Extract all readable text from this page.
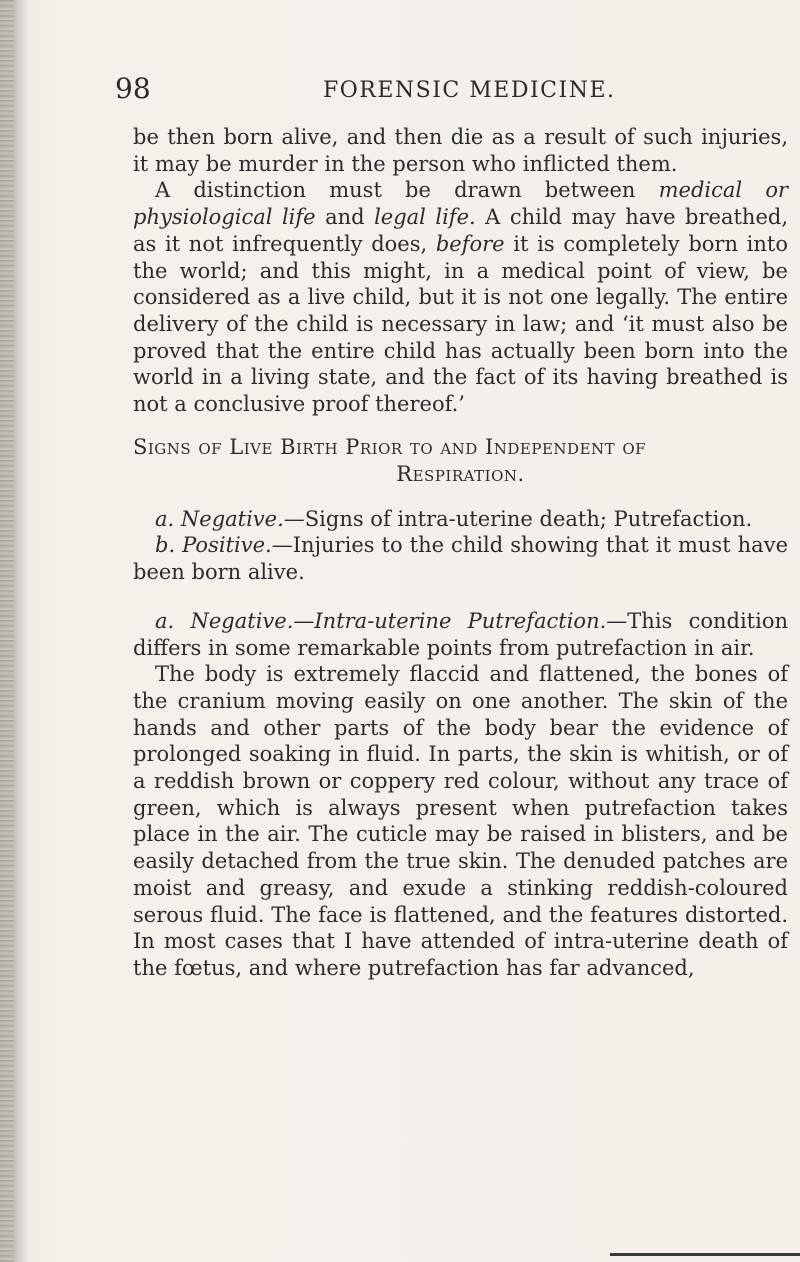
98	FORENSIC MEDICINE.

be then born alive, and then die as a result of such injuries, it may be murder in the person who inflicted them.

A distinction must be drawn between medical or physiological life and legal life. A child may have breathed, as it not infrequently does, before it is completely born into the world; and this might, in a medical point of view, be considered as a live child, but it is not one legally. The entire delivery of the child is necessary in law; and ‘it must also be proved that the entire child has actually been born into the world in a living state, and the fact of its having breathed is not a conclusive proof thereof.’

Signs of Live Birth Prior to and Independent of
Respiration.

a. Negative.—Signs of intra-uterine death; Putrefaction.

b. Positive.—Injuries to the child showing that it must have been born alive.

a. Negative.—Intra-uterine Putrefaction.—This condition differs in some remarkable points from putrefaction in air.

The body is extremely flaccid and flattened, the bones of the cranium moving easily on one another. The skin of the hands and other parts of the body bear the evidence of prolonged soaking in fluid. In parts, the skin is whitish, or of a reddish brown or coppery red colour, without any trace of green, which is always present when putrefaction takes place in the air. The cuticle may be raised in blisters, and be easily detached from the true skin. The denuded patches are moist and greasy, and exude a stinking reddish-coloured serous fluid. The face is flattened, and the features distorted. In most cases that I have attended of intra-uterine death of the fœtus, and where putrefaction has far advanced,
